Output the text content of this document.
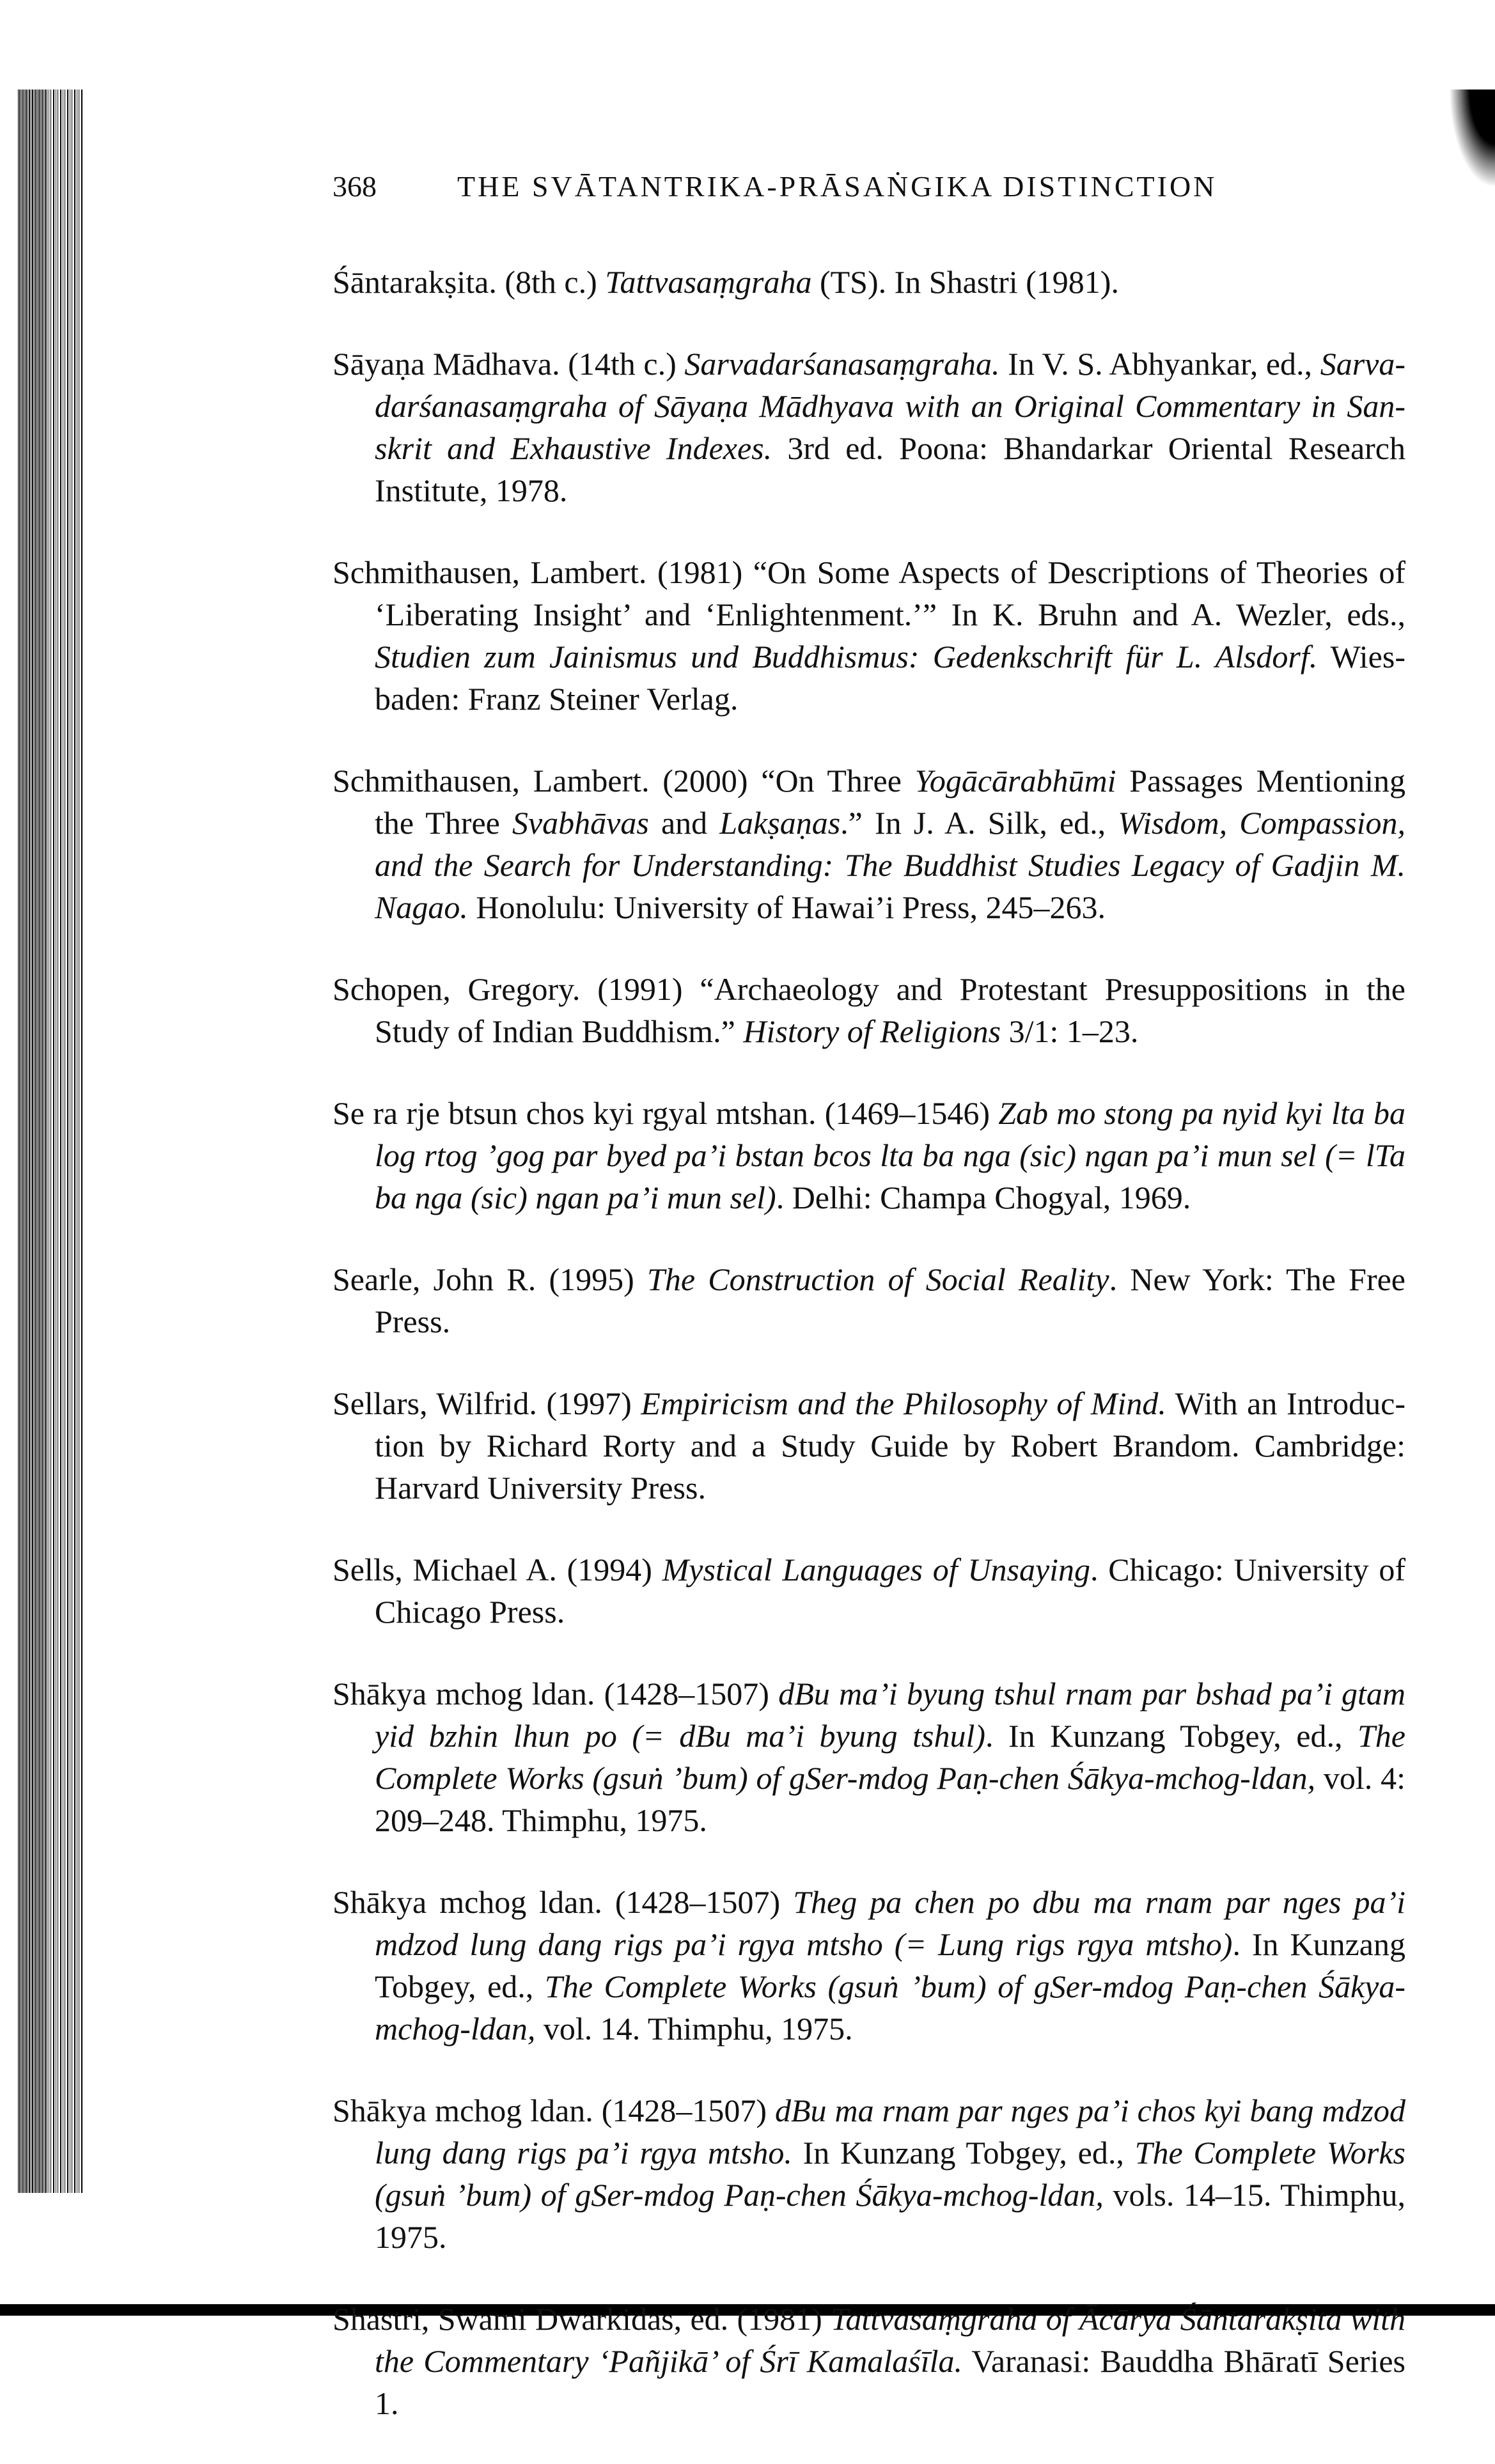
368	THE SVĀTANTRIKA-PRĀSAṄGIKA DISTINCTION

Śāntarakṣita. (8th c.) Tattvasaṃgraha (TS). In Shastri (1981).

Sāyaṇa Mādhava. (14th c.) Sarvadarśanasaṃgraha. In V. S. Abhyankar, ed., Sarvadarśanasaṃgraha of Sāyaṇa Mādhyava with an Original Commentary in Sanskrit and Exhaustive Indexes. 3rd ed. Poona: Bhandarkar Oriental Research Institute, 1978.

Schmithausen, Lambert. (1981) “On Some Aspects of Descriptions of Theories of ‘Liberating Insight’ and ‘Enlightenment.’” In K. Bruhn and A. Wezler, eds., Studien zum Jainismus und Buddhismus: Gedenkschrift für L. Alsdorf. Wiesbaden: Franz Steiner Verlag.

Schmithausen, Lambert. (2000) “On Three Yogācārabhūmi Passages Mentioning the Three Svabhāvas and Lakṣaṇas.” In J. A. Silk, ed., Wisdom, Compassion, and the Search for Understanding: The Buddhist Studies Legacy of Gadjin M. Nagao. Honolulu: University of Hawai’i Press, 245–263.

Schopen, Gregory. (1991) “Archaeology and Protestant Presuppositions in the Study of Indian Buddhism.” History of Religions 3/1: 1–23.

Se ra rje btsun chos kyi rgyal mtshan. (1469–1546) Zab mo stong pa nyid kyi lta ba log rtog ’gog par byed pa’i bstan bcos lta ba nga (sic) ngan pa’i mun sel (= lTa ba nga (sic) ngan pa’i mun sel). Delhi: Champa Chogyal, 1969.

Searle, John R. (1995) The Construction of Social Reality. New York: The Free Press.

Sellars, Wilfrid. (1997) Empiricism and the Philosophy of Mind. With an Introduction by Richard Rorty and a Study Guide by Robert Brandom. Cambridge: Harvard University Press.

Sells, Michael A. (1994) Mystical Languages of Unsaying. Chicago: University of Chicago Press.

Shākya mchog ldan. (1428–1507) dBu ma’i byung tshul rnam par bshad pa’i gtam yid bzhin lhun po (= dBu ma’i byung tshul). In Kunzang Tobgey, ed., The Complete Works (gsuṅ ’bum) of gSer-mdog Paṇ-chen Śākya-mchog-ldan, vol. 4: 209–248. Thimphu, 1975.

Shākya mchog ldan. (1428–1507) Theg pa chen po dbu ma rnam par nges pa’i mdzod lung dang rigs pa’i rgya mtsho (= Lung rigs rgya mtsho). In Kunzang Tobgey, ed., The Complete Works (gsuṅ ’bum) of gSer-mdog Paṇ-chen Śākya-mchog-ldan, vol. 14. Thimphu, 1975.

Shākya mchog ldan. (1428–1507) dBu ma rnam par nges pa’i chos kyi bang mdzod lung dang rigs pa’i rgya mtsho. In Kunzang Tobgey, ed., The Complete Works (gsuṅ ’bum) of gSer-mdog Paṇ-chen Śākya-mchog-ldan, vols. 14–15. Thimphu, 1975.

Shastri, Swami Dwarkidas, ed. (1981) Tattvasaṃgraha of Ācārya Śāntarakṣita with the Commentary ‘Pañjikā’ of Śrī Kamalaśīla. Varanasi: Bauddha Bhāratī Series 1.
